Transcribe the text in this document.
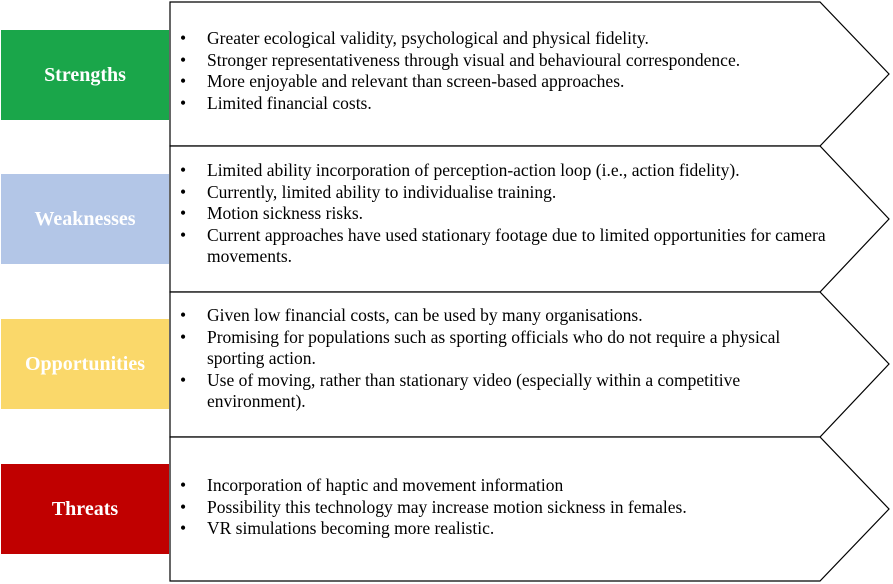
Strengths
• Greater ecological validity, psychological and physical fidelity.
• Stronger representativeness through visual and behavioural correspondence.
• More enjoyable and relevant than screen-based approaches.
• Limited financial costs.
Weaknesses
• Limited ability incorporation of perception-action loop (i.e., action fidelity).
• Currently, limited ability to individualise training.
• Motion sickness risks.
• Current approaches have used stationary footage due to limited opportunities for camera movements.
Opportunities
• Given low financial costs, can be used by many organisations.
• Promising for populations such as sporting officials who do not require a physical sporting action.
• Use of moving, rather than stationary video (especially within a competitive environment).
Threats
• Incorporation of haptic and movement information
• Possibility this technology may increase motion sickness in females.
• VR simulations becoming more realistic.
